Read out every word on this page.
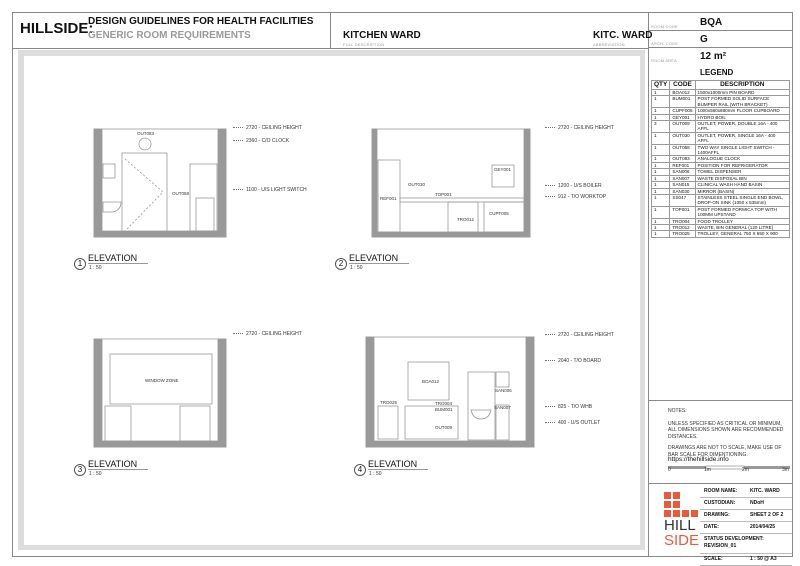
HILLSIDE:
DESIGN GUIDELINES FOR HEALTH FACILITIES
GENERIC ROOM REQUIREMENTS	KITCHEN WARD
FULL DESCRIPTION
KITC. WARD
ABBREVIATION
ROOM CODE BQA
ARCH. CODE G
ROOM AREA 12 m²
LEGEND
QTY	CODE	DESCRIPTION
1	BOA012	1500x1000mm PIN BOARD
1	BUM001	POST FORMED SOLID SURFACE BUMPER RAIL (WITH BRACKET)
1	CUPF005	1000x560x880mm FLOOR CUPBOARD
1	GEY001	HYDRO BOIL
3	OUT009	OUTLET, POWER, DOUBLE 16A - 400 AFFL
1	OUT030	OUTLET, POWER, SINGLE 16A - 400 AFFL
1	OUT058	TWO WAY SINGLE LIGHT SWITCH - 1400AFFL
1	OUT083	ANALOGUE CLOCK
1	REF001	POSITION FOR REFRIGERATOR
1	SAN006	TOWEL DISPENSER
1	SAN007	WASTE DISPOSAL BIN
1	SAN015	CLINICAL WASH HAND BASIN
1	SAN030	MIRROR (BASIN)
1	SS047	STAINLESS STEEL SINGLE END BOWL, DROP-ON SINK (1050 x 535mm)
1	TOP001	POST FORMED FORMICA TOP WITH 100MM UPSTAND
1	TRO004	FOOD TROLLEY
1	TRO012	WASTE, BIN GENERAL (120 LITRE)
1	TRO025	TROLLEY, GENERAL 750 X 550 X 900
OUT083
OUT058
2720 - CEILING HEIGHT
2360 - C/O CLOCK
1100 - U/S LIGHT SWITCH
REF001
OUT030
TOP001
GEY001
TRO012
CUPF005
2720 - CEILING HEIGHT
1200 - U/S BOILER
912 - T/O WORKTOP
WINDOW ZONE
2720 - CEILING HEIGHT
BOA012
TRO025	TRO004
BUM001
OUT009
SAN006
SAN007
2720 - CEILING HEIGHT
2040 - T/O BOARD
825 - T/O WHB
400 - U/S OUTLET
1
ELEVATION
1 : 50	2
ELEVATION
1 : 50
3
ELEVATION
1 : 50	4
ELEVATION
1 : 50
NOTES:
UNLESS SPECIFIED AS CRITICAL OR MINIMUM, ALL DIMENSIONS SHOWN ARE RECOMMENDED DISTANCES.
DRAWINGS ARE NOT TO SCALE, MAKE USE OF BAR SCALE FOR DIMENTIONING.
https://thehillside.info
0	1m	2m	3m
HILL
SIDE
ROOM NAME:	KITC. WARD
CUSTODIAN:	NDoH
DRAWING:	SHEET 2 OF 2
DATE:	2014/04/25

STATUS DEVELOPMENT:
REVISION_01	

SCALE:	1 : 50 @ A3
